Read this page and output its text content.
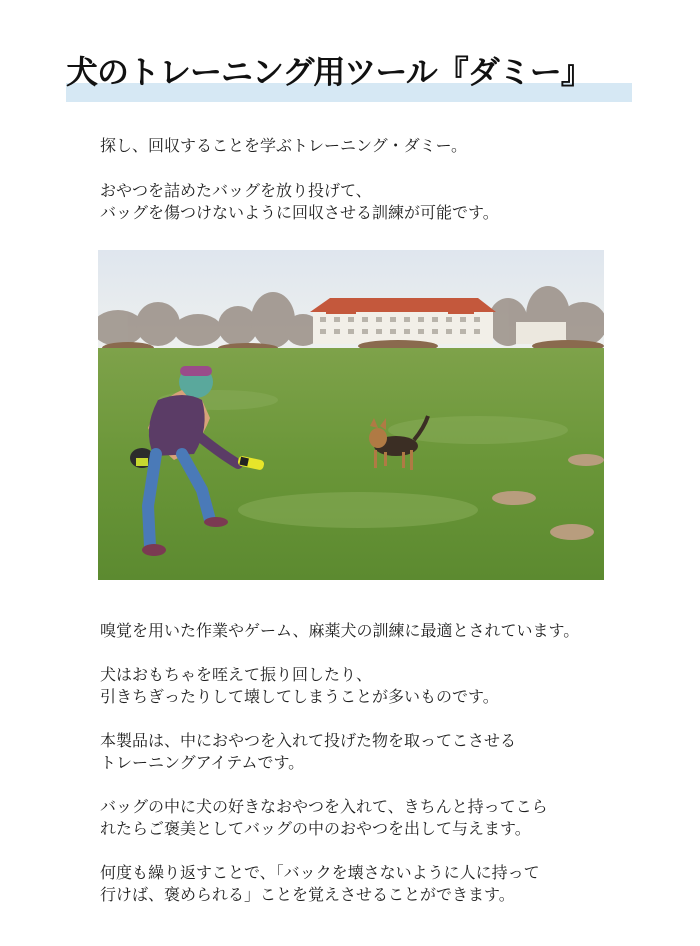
犬のトレーニング用ツール『ダミー』
探し、回収することを学ぶトレーニング・ダミー。
おやつを詰めたバッグを放り投げて、
バッグを傷つけないように回収させる訓練が可能です。
嗅覚を用いた作業やゲーム、麻薬犬の訓練に最適とされています。
犬はおもちゃを咥えて振り回したり、
引きちぎったりして壊してしまうことが多いものです。
本製品は、中におやつを入れて投げた物を取ってこさせる
トレーニングアイテムです。
バッグの中に犬の好きなおやつを入れて、きちんと持ってこら
れたらご褒美としてバッグの中のおやつを出して与えます。
何度も繰り返すことで、「バックを壊さないように人に持って
行けば、褒められる」ことを覚えさせることができます。
